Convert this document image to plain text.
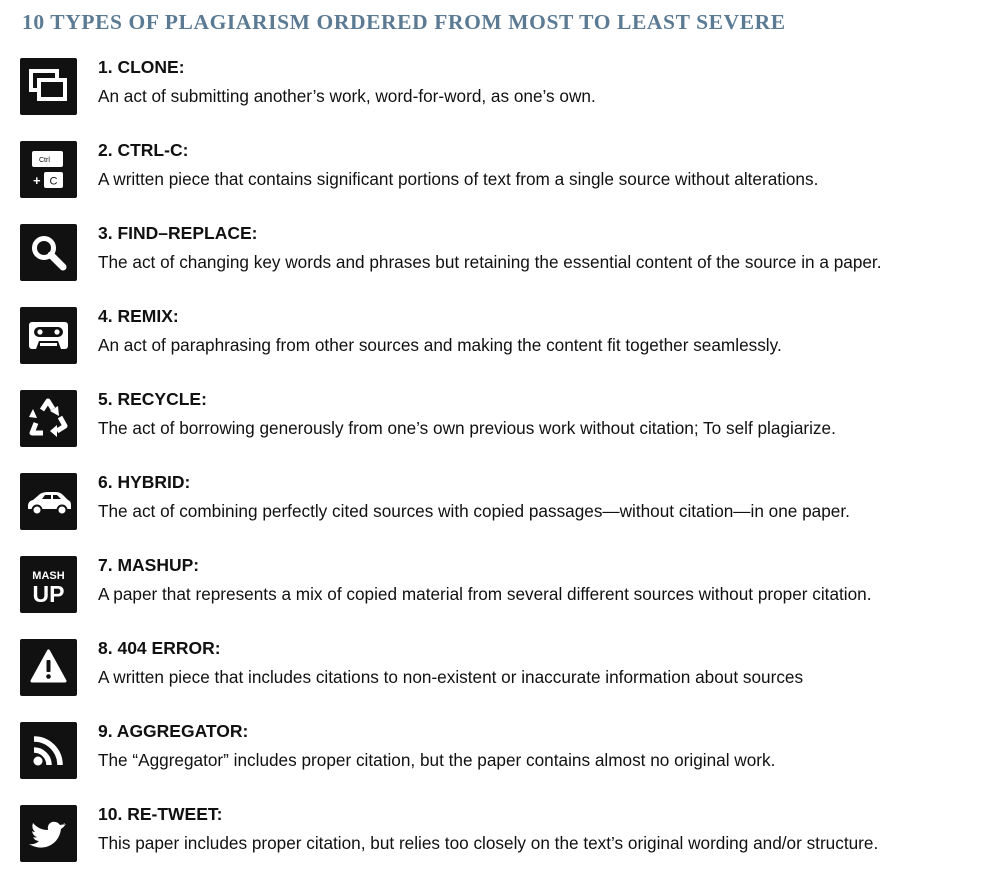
10 TYPES OF PLAGIARISM ORDERED FROM MOST TO LEAST SEVERE
1. CLONE:
An act of submitting another’s work, word-for-word, as one’s own.
Ctrl
+ C
2. CTRL-C:
A written piece that contains significant portions of text from a single source without alterations.
3. FIND–REPLACE:
The act of changing key words and phrases but retaining the essential content of the source in a paper.
4. REMIX:
An act of paraphrasing from other sources and making the content fit together seamlessly.
5. RECYCLE:
The act of borrowing generously from one’s own previous work without citation; To self plagiarize.
6. HYBRID:
The act of combining perfectly cited sources with copied passages—without citation—in one paper.
MASH
UP
7. MASHUP:
A paper that represents a mix of copied material from several different sources without proper citation.
8. 404 ERROR:
A written piece that includes citations to non-existent or inaccurate information about sources
9. AGGREGATOR:
The “Aggregator” includes proper citation, but the paper contains almost no original work.
10. RE-TWEET:
This paper includes proper citation, but relies too closely on the text’s original wording and/or structure.
